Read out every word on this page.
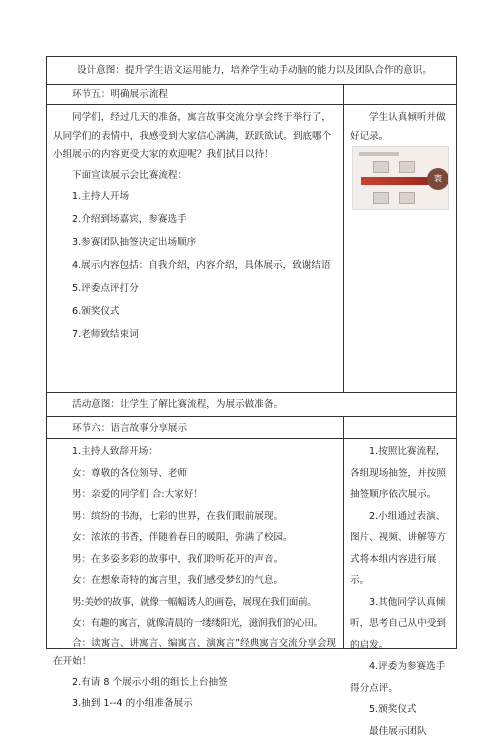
设计意图：提升学生语文运用能力，培养学生动手动脑的能力以及团队合作的意识。

环节五：明确展示流程

同学们，经过几天的准备，寓言故事交流分享会终于举行了，从同学们的表情中，我感受到大家信心满满，跃跃欲试。到底哪个小组展示的内容更受大家的欢迎呢？我们拭目以待！

下面宣读展示会比赛流程：

1.主持人开场

2.介绍到场嘉宾，参赛选手

3.参赛团队抽签决定出场顺序

4.展示内容包括：自我介绍，内容介绍，具体展示，致谢结语

5.评委点评打分

6.颁奖仪式

7.老师致结束词

学生认真倾听并做好记录。

寰

活动意图：让学生了解比赛流程，为展示做准备。

环节六：语言故事分享展示

1.主持人致辞开场：

女：尊敬的各位领导、老师

男：亲爱的同学们 合:大家好！

男：缤纷的书海，七彩的世界，在我们眼前展现。

女：浓浓的书香，伴随着春日的暖阳，弥满了校园。

男：在多姿多彩的故事中，我们聆听花开的声音。

女：在想象奇特的寓言里，我们感受梦幻的气息。

男:美妙的故事，就像一幅幅诱人的画卷，展现在我们面前。

女：有趣的寓言，就像清晨的一缕缕阳光，滋润我们的心田。

合：读寓言、讲寓言、编寓言、演寓言”经典寓言交流分享会现在开始！

2.有请 8 个展示小组的组长上台抽签

3.抽到 1--4 的小组准备展示

1.按照比赛流程，各组现场抽签，并按照抽签顺序依次展示。

2.小组通过表演、图片、视频、讲解等方式将本组内容进行展示。

3.其他同学认真倾听，思考自己从中受到的启发。

4.评委为参赛选手得分点评。

5.颁奖仪式

最佳展示团队
